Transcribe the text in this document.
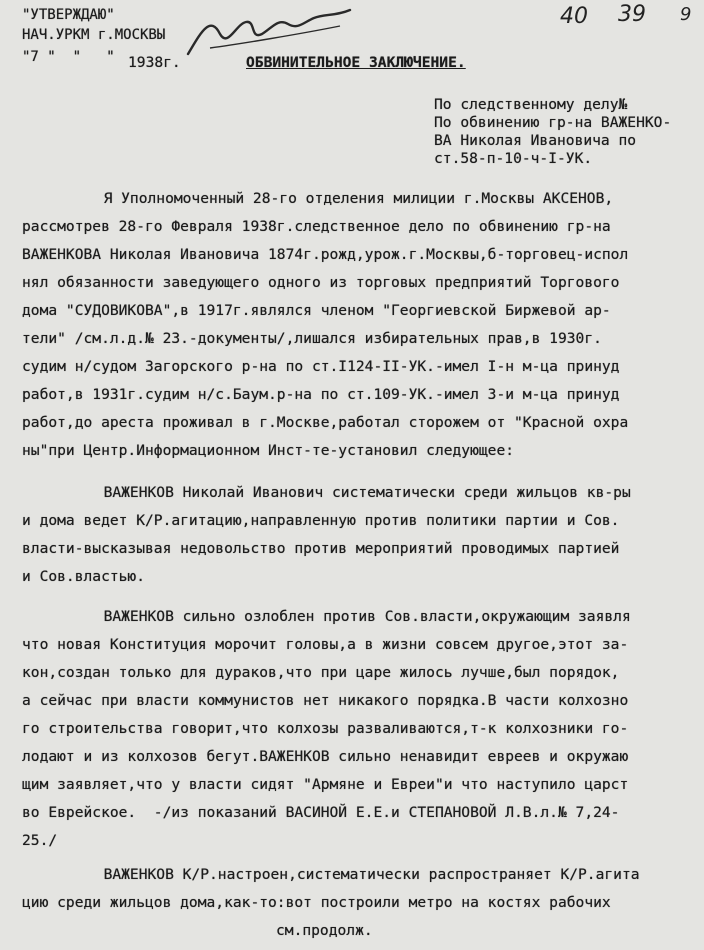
"УТВЕРЖДАЮ"
НАЧ.УРКМ г.МОСКВЫ
"7 "  "   " 1938г.	ОБВИНИТЕЛЬНОЕ ЗАКЛЮЧЕНИЕ.
40 39 9
По следственному делу№
По обвинению гр-на ВАЖЕНКО-
ВА Николая Ивановича по
ст.58-п-10-ч-I-УК.
Я Уполномоченный 28-го отделения милиции г.Москвы АКСЕНОВ,
рассмотрев 28-го Февраля 1938г.следственное дело по обвинению гр-на
ВАЖЕНКОВА Николая Ивановича 1874г.рожд,урож.г.Москвы,б-торговец-испол
нял обязанности заведующего одного из торговых предприятий Торгового
дома "СУДОВИКОВА",в 1917г.являлся членом "Георгиевской Биржевой ар-
тели" /см.л.д.№ 23.-документы/,лишался избирательных прав,в 1930г.
судим н/судом Загорского р-на по ст.I124-II-УК.-имел I-н м-ца принуд
работ,в 1931г.судим н/с.Баум.р-на по ст.109-УК.-имел 3-и м-ца принуд
работ,до ареста проживал в г.Москве,работал сторожем от "Красной охра
ны"при Центр.Информационном Инст-те-установил следующее:
ВАЖЕНКОВ Николай Иванович систематически среди жильцов кв-ры
и дома ведет К/Р.агитацию,направленную против политики партии и Сов.
власти-высказывая недовольство против мероприятий проводимых партией
и Сов.властью.
ВАЖЕНКОВ сильно озлоблен против Сов.власти,окружающим заявля
что новая Конституция морочит головы,а в жизни совсем другое,этот за-
кон,создан только для дураков,что при царе жилось лучше,был порядок,
а сейчас при власти коммунистов нет никакого порядка.В части колхозно
го строительства говорит,что колхозы разваливаются,т-к колхозники го-
лодают и из колхозов бегут.ВАЖЕНКОВ сильно ненавидит евреев и окружаю
щим заявляет,что у власти сидят "Армяне и Евреи"и что наступило царст
во Еврейское.  -/из показаний ВАСИНОЙ Е.Е.и СТЕПАНОВОЙ Л.В.л.№ 7,24-
25./
ВАЖЕНКОВ К/Р.настроен,систематически распространяет К/Р.агита
цию среди жильцов дома,как-то:вот построили метро на костях рабочих
см.продолж.
